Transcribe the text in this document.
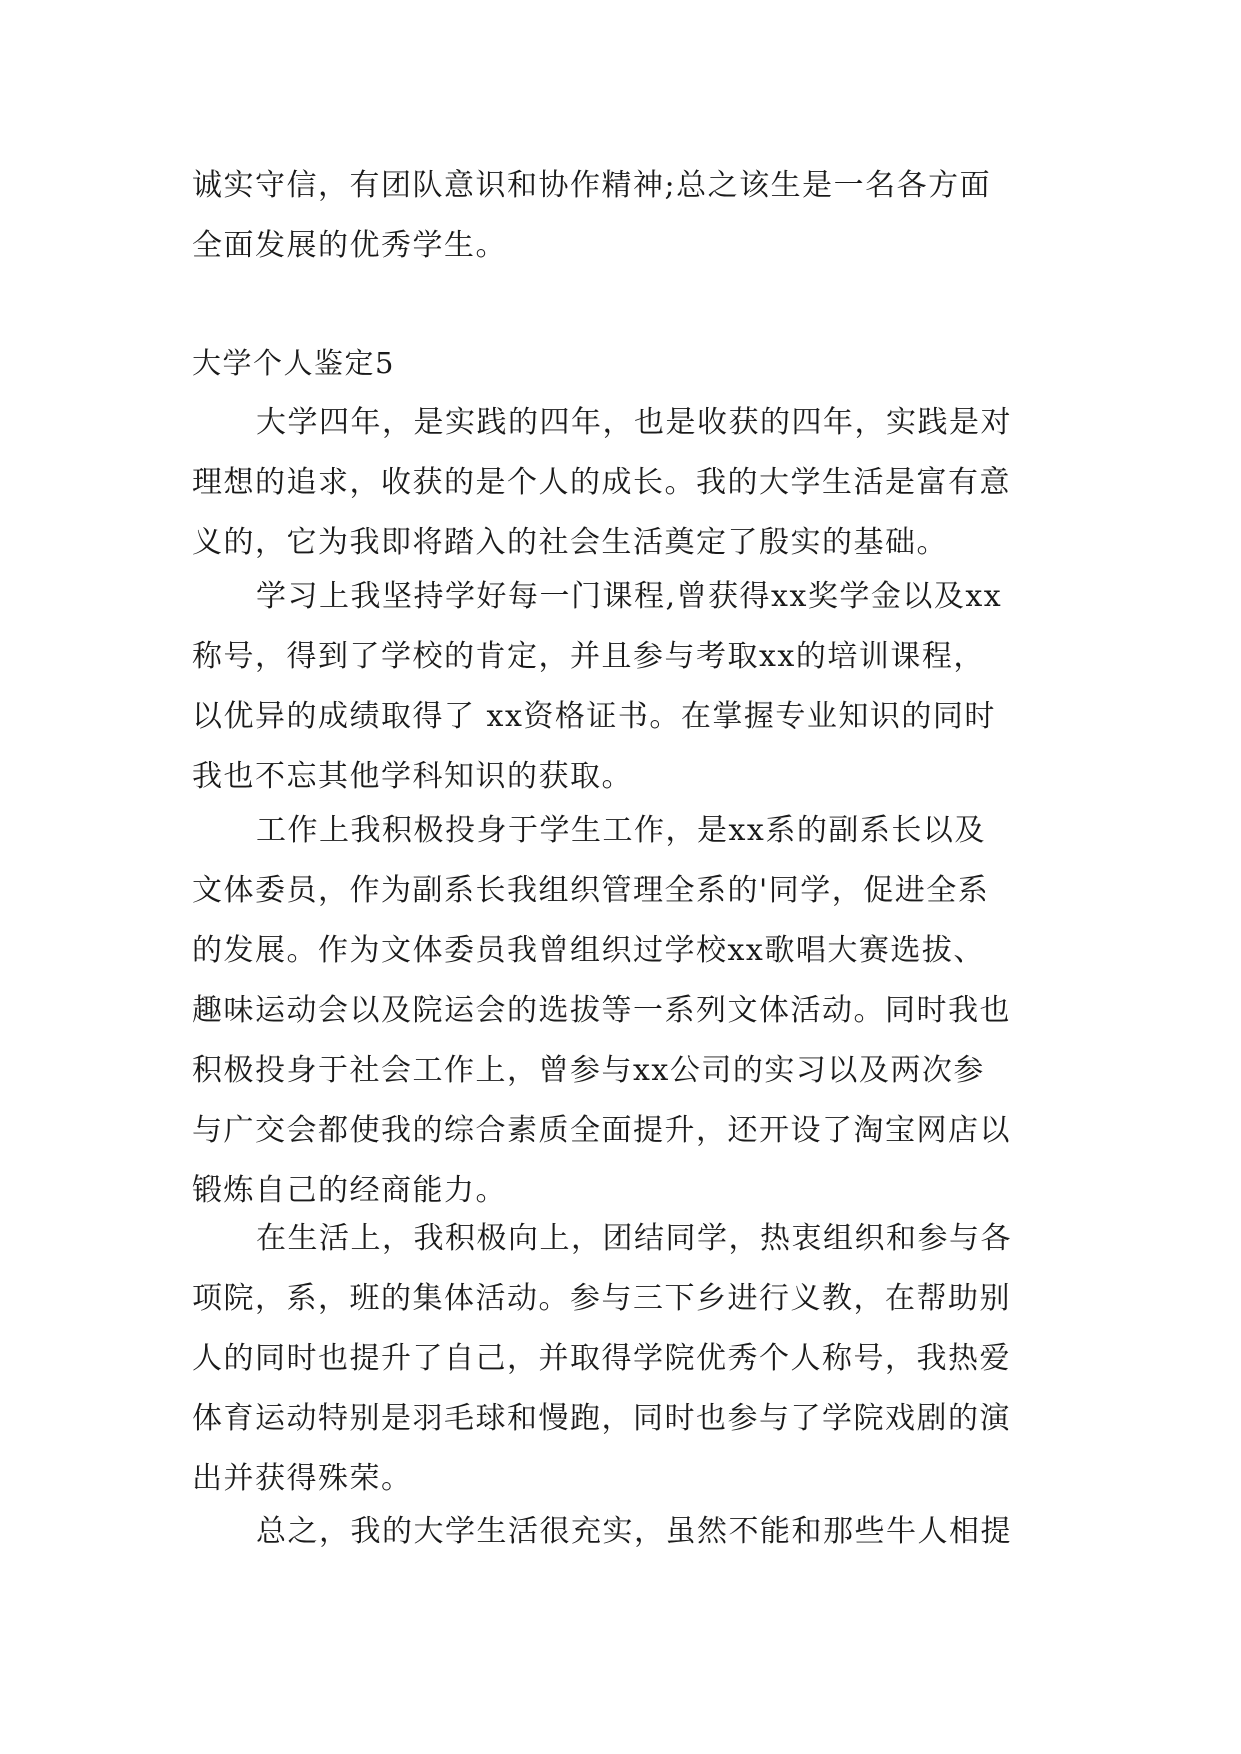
诚实守信，有团队意识和协作精神;总之该生是一名各方面
全面发展的优秀学生。
大学个人鉴定5
大学四年，是实践的四年，也是收获的四年，实践是对
理想的追求，收获的是个人的成长。我的大学生活是富有意
义的，它为我即将踏入的社会生活奠定了殷实的基础。
学习上我坚持学好每一门课程,曾获得xx奖学金以及xx
称号，得到了学校的肯定，并且参与考取xx的培训课程，
以优异的成绩取得了 xx资格证书。在掌握专业知识的同时
我也不忘其他学科知识的获取。
工作上我积极投身于学生工作，是xx系的副系长以及
文体委员，作为副系长我组织管理全系的'同学，促进全系
的发展。作为文体委员我曾组织过学校xx歌唱大赛选拔、
趣味运动会以及院运会的选拔等一系列文体活动。同时我也
积极投身于社会工作上，曾参与xx公司的实习以及两次参
与广交会都使我的综合素质全面提升，还开设了淘宝网店以
锻炼自己的经商能力。
在生活上，我积极向上，团结同学，热衷组织和参与各
项院，系，班的集体活动。参与三下乡进行义教，在帮助别
人的同时也提升了自己，并取得学院优秀个人称号，我热爱
体育运动特别是羽毛球和慢跑，同时也参与了学院戏剧的演
出并获得殊荣。
总之，我的大学生活很充实，虽然不能和那些牛人相提
